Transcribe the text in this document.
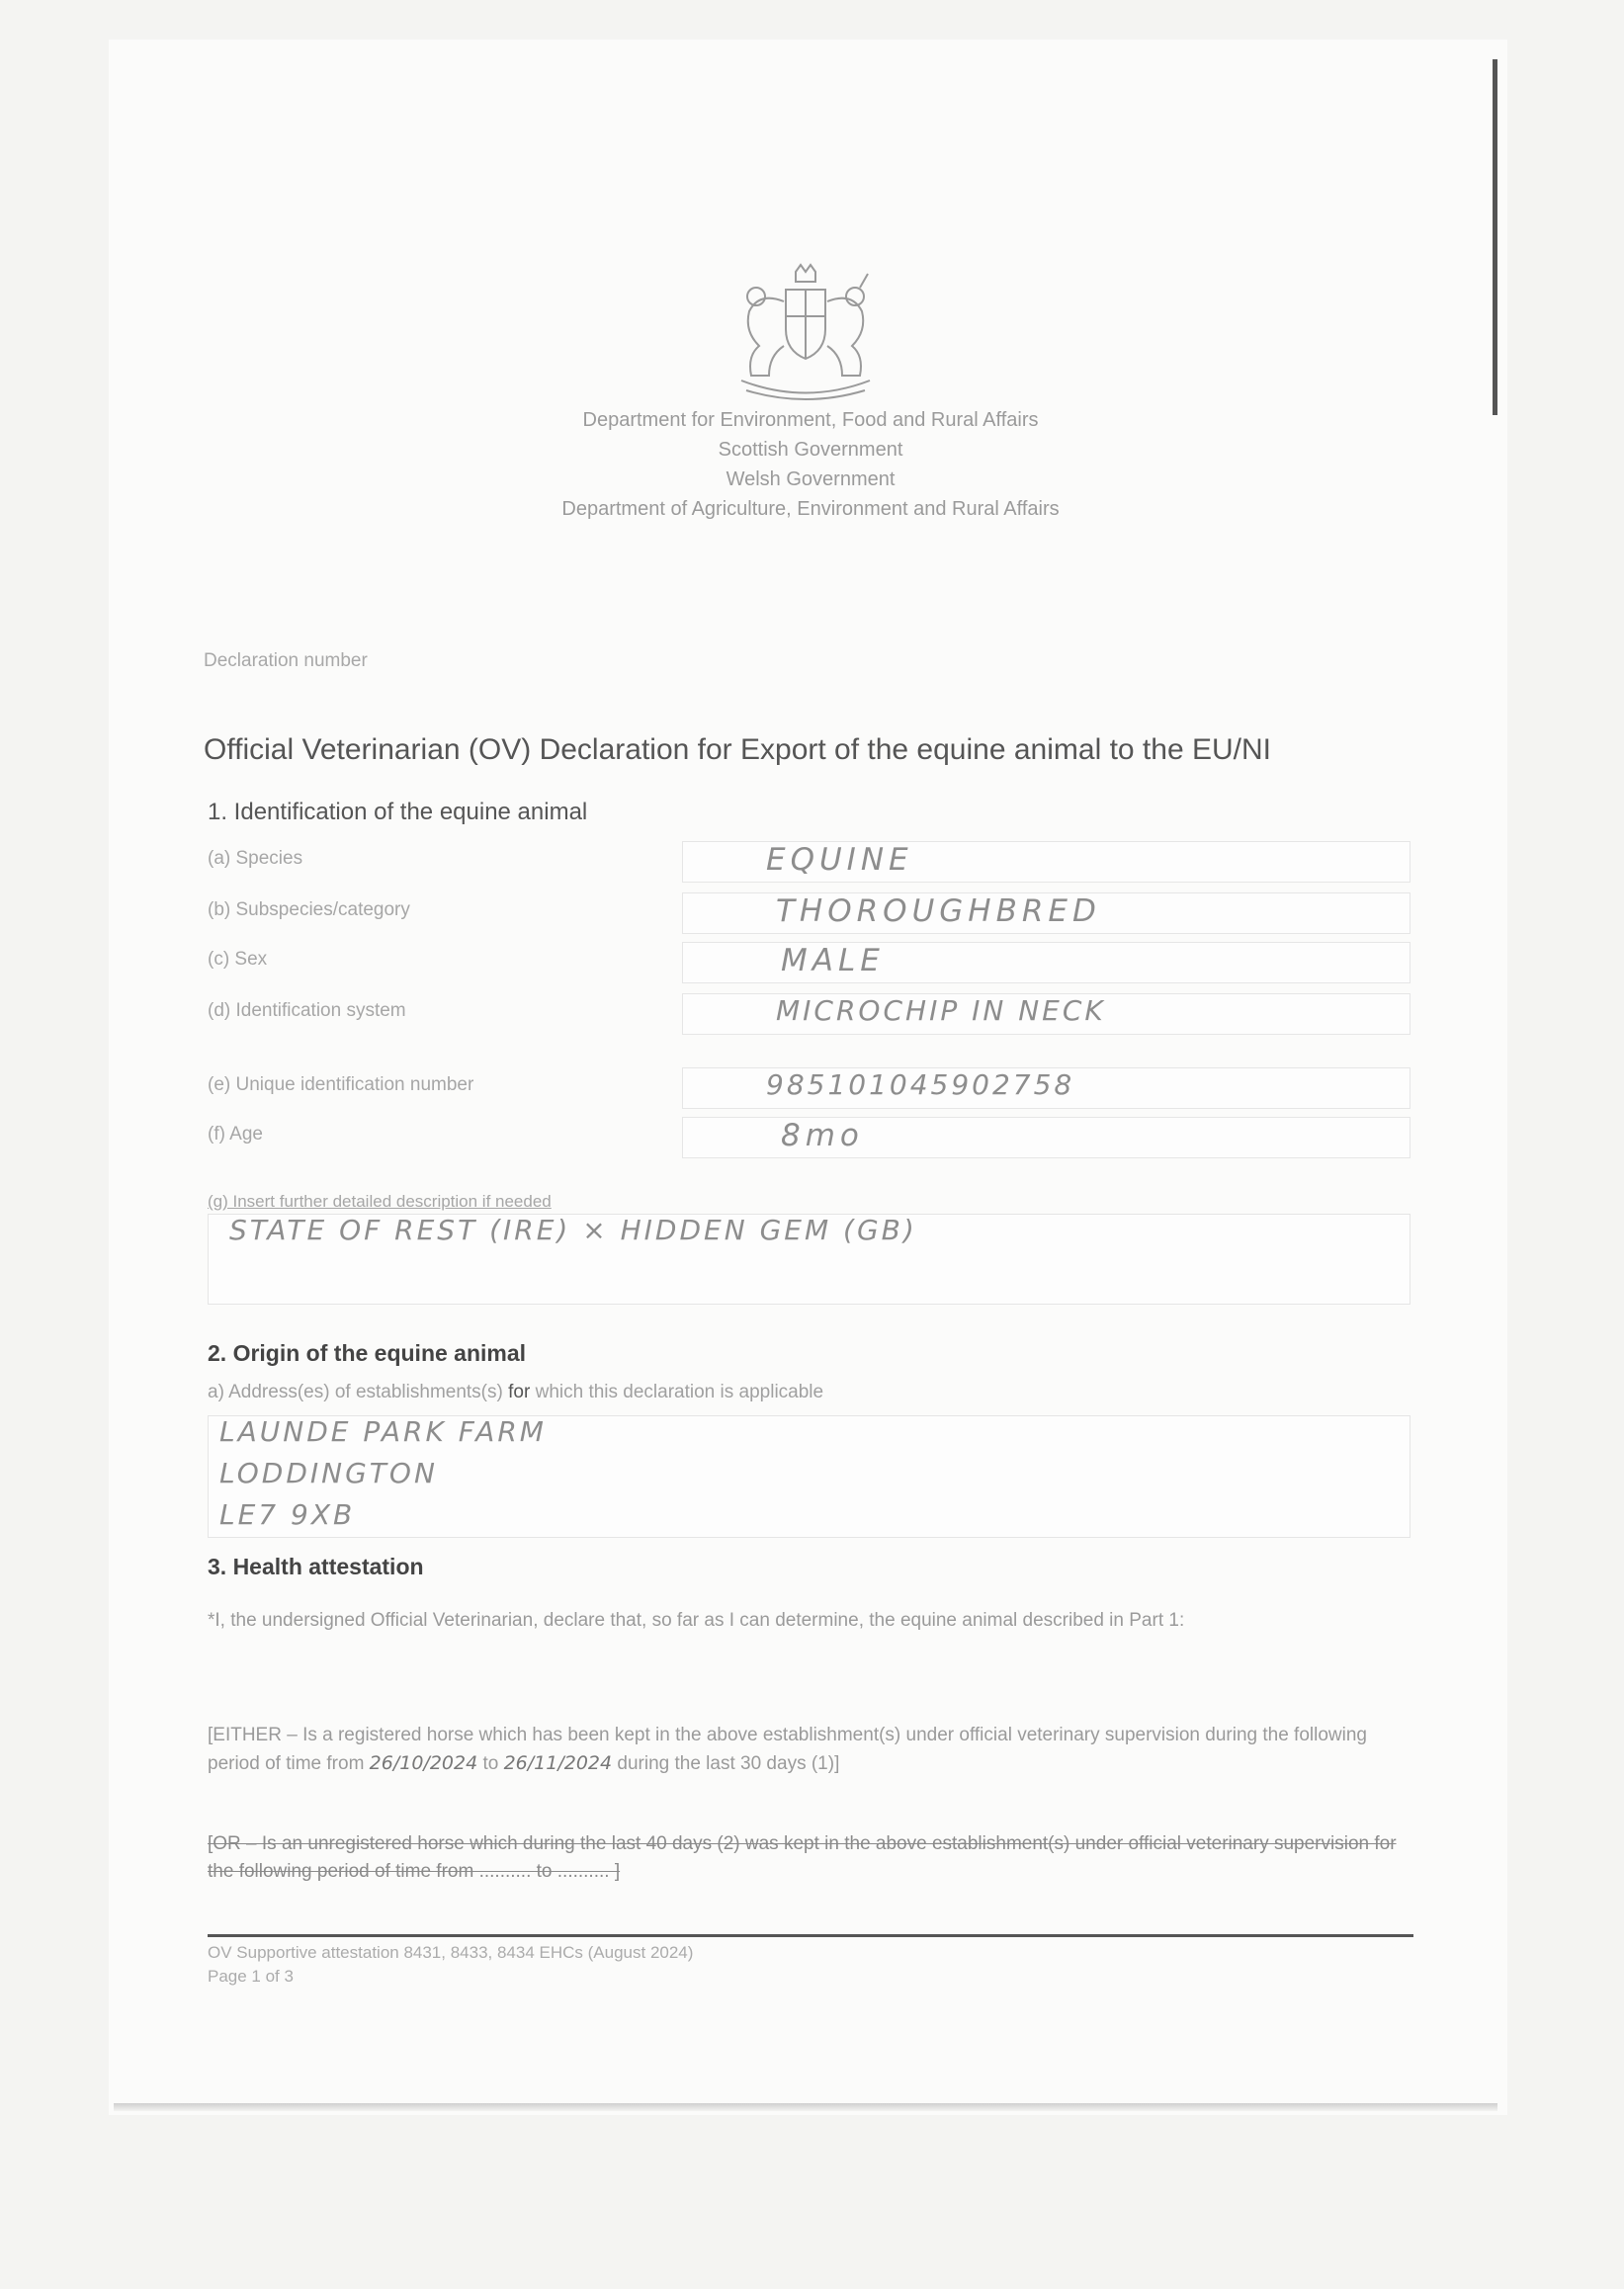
Department for Environment, Food and Rural Affairs
Scottish Government
Welsh Government
Department of Agriculture, Environment and Rural Affairs
Declaration number
Official Veterinarian (OV) Declaration for Export of the equine animal to the EU/NI
1. Identification of the equine animal
(a) Species	EQUINE
(b) Subspecies/category	THOROUGHBRED
(c) Sex	MALE
(d) Identification system	MICROCHIP IN NECK
(e) Unique identification number	985101045902758
(f) Age	8mo
(g) Insert further detailed description if needed
STATE OF REST (IRE) × HIDDEN GEM (GB)
2. Origin of the equine animal
a) Address(es) of establishments(s) for which this declaration is applicable
LAUNDE PARK FARM
LODDINGTON
LE7 9XB
3. Health attestation
*I, the undersigned Official Veterinarian, declare that, so far as I can determine, the equine animal described in Part 1:
[EITHER – Is a registered horse which has been kept in the above establishment(s) under official veterinary supervision during the following period of time from 26/10/2024 to 26/11/2024 during the last 30 days (1)]
[OR – Is an unregistered horse which during the last 40 days (2) was kept in the above establishment(s) under official veterinary supervision for the following period of time from .......... to .......... ]
OV Supportive attestation 8431, 8433, 8434 EHCs (August 2024)
Page 1 of 3
